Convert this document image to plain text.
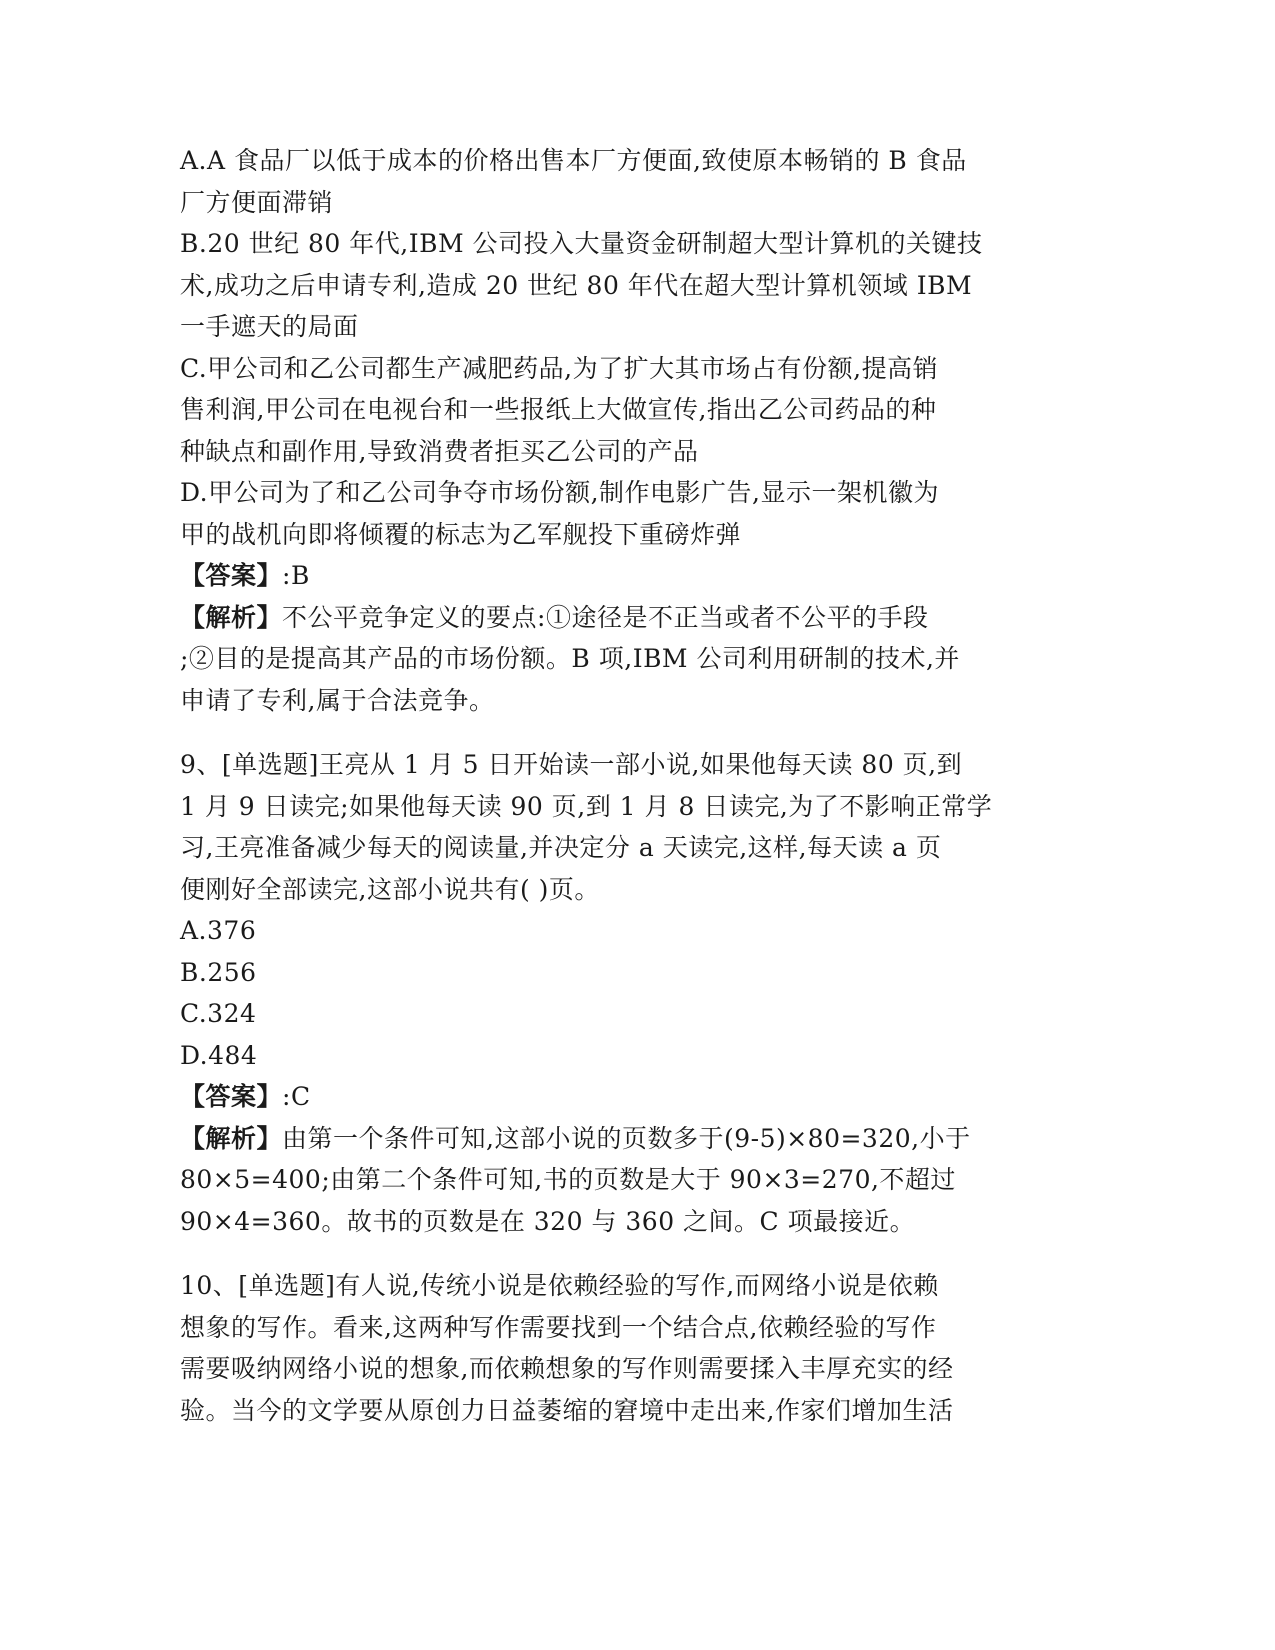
A.A 食品厂以低于成本的价格出售本厂方便面,致使原本畅销的 B 食品
厂方便面滞销
B.20 世纪 80 年代,IBM 公司投入大量资金研制超大型计算机的关键技
术,成功之后申请专利,造成 20 世纪 80 年代在超大型计算机领域 IBM
一手遮天的局面
C.甲公司和乙公司都生产减肥药品,为了扩大其市场占有份额,提高销
售利润,甲公司在电视台和一些报纸上大做宣传,指出乙公司药品的种
种缺点和副作用,导致消费者拒买乙公司的产品
D.甲公司为了和乙公司争夺市场份额,制作电影广告,显示一架机徽为
甲的战机向即将倾覆的标志为乙军舰投下重磅炸弹
【答案】:B
【解析】不公平竞争定义的要点:①途径是不正当或者不公平的手段
;②目的是提高其产品的市场份额。B 项,IBM 公司利用研制的技术,并
申请了专利,属于合法竞争。
9、[单选题]王亮从 1 月 5 日开始读一部小说,如果他每天读 80 页,到
1 月 9 日读完;如果他每天读 90 页,到 1 月 8 日读完,为了不影响正常学
习,王亮准备减少每天的阅读量,并决定分 a 天读完,这样,每天读 a 页
便刚好全部读完,这部小说共有( )页。
A.376
B.256
C.324
D.484
【答案】:C
【解析】由第一个条件可知,这部小说的页数多于(9-5)×80=320,小于
80×5=400;由第二个条件可知,书的页数是大于 90×3=270,不超过
90×4=360。故书的页数是在 320 与 360 之间。C 项最接近。
10、[单选题]有人说,传统小说是依赖经验的写作,而网络小说是依赖
想象的写作。看来,这两种写作需要找到一个结合点,依赖经验的写作
需要吸纳网络小说的想象,而依赖想象的写作则需要揉入丰厚充实的经
验。当今的文学要从原创力日益萎缩的窘境中走出来,作家们增加生活
